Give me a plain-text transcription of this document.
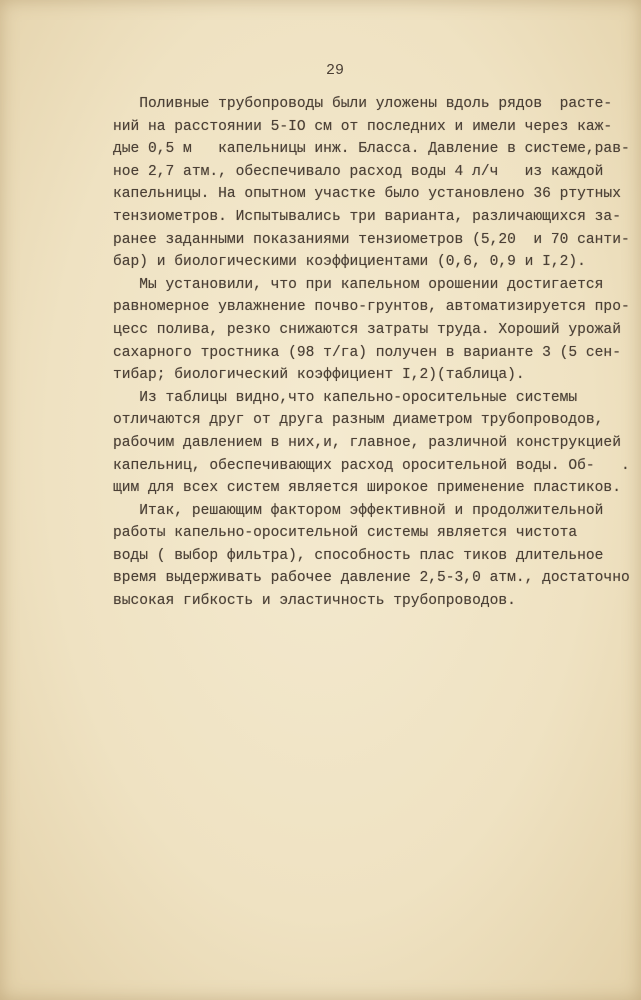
29
Поливные трубопроводы были уложены вдоль рядов  расте-
ний на расстоянии 5-IO см от последних и имели через каж-
дые 0,5 м   капельницы инж. Бласса. Давление в системе,рав-
ное 2,7 атм., обеспечивало расход воды 4 л/ч   из каждой
капельницы. На опытном участке было установлено 36 ртутных
тензиометров. Испытывались три варианта, различающихся за-
ранее заданными показаниями тензиометров (5,20  и 70 санти-
бар) и биологическими коэффициентами (0,6, 0,9 и I,2).
Мы установили, что при капельном орошении достигается
равномерное увлажнение почво-грунтов, автоматизируется про-
цесс полива, резко снижаются затраты труда. Хороший урожай
сахарного тростника (98 т/га) получен в варианте 3 (5 сен-
тибар; биологический коэффициент I,2)(таблица).
Из таблицы видно,что капельно-оросительные системы
отличаются друг от друга разным диаметром трубопроводов,
рабочим давлением в них,и, главное, различной конструкцией
капельниц, обеспечивающих расход оросительной воды. Об-   .
щим для всех систем является широкое применение пластиков.
Итак, решающим фактором эффективной и продолжительной
работы капельно-оросительной системы является чистота
воды ( выбор фильтра), способность плас тиков длительное
время выдерживать рабочее давление 2,5-3,0 атм., достаточно
высокая гибкость и эластичность трубопроводов.
